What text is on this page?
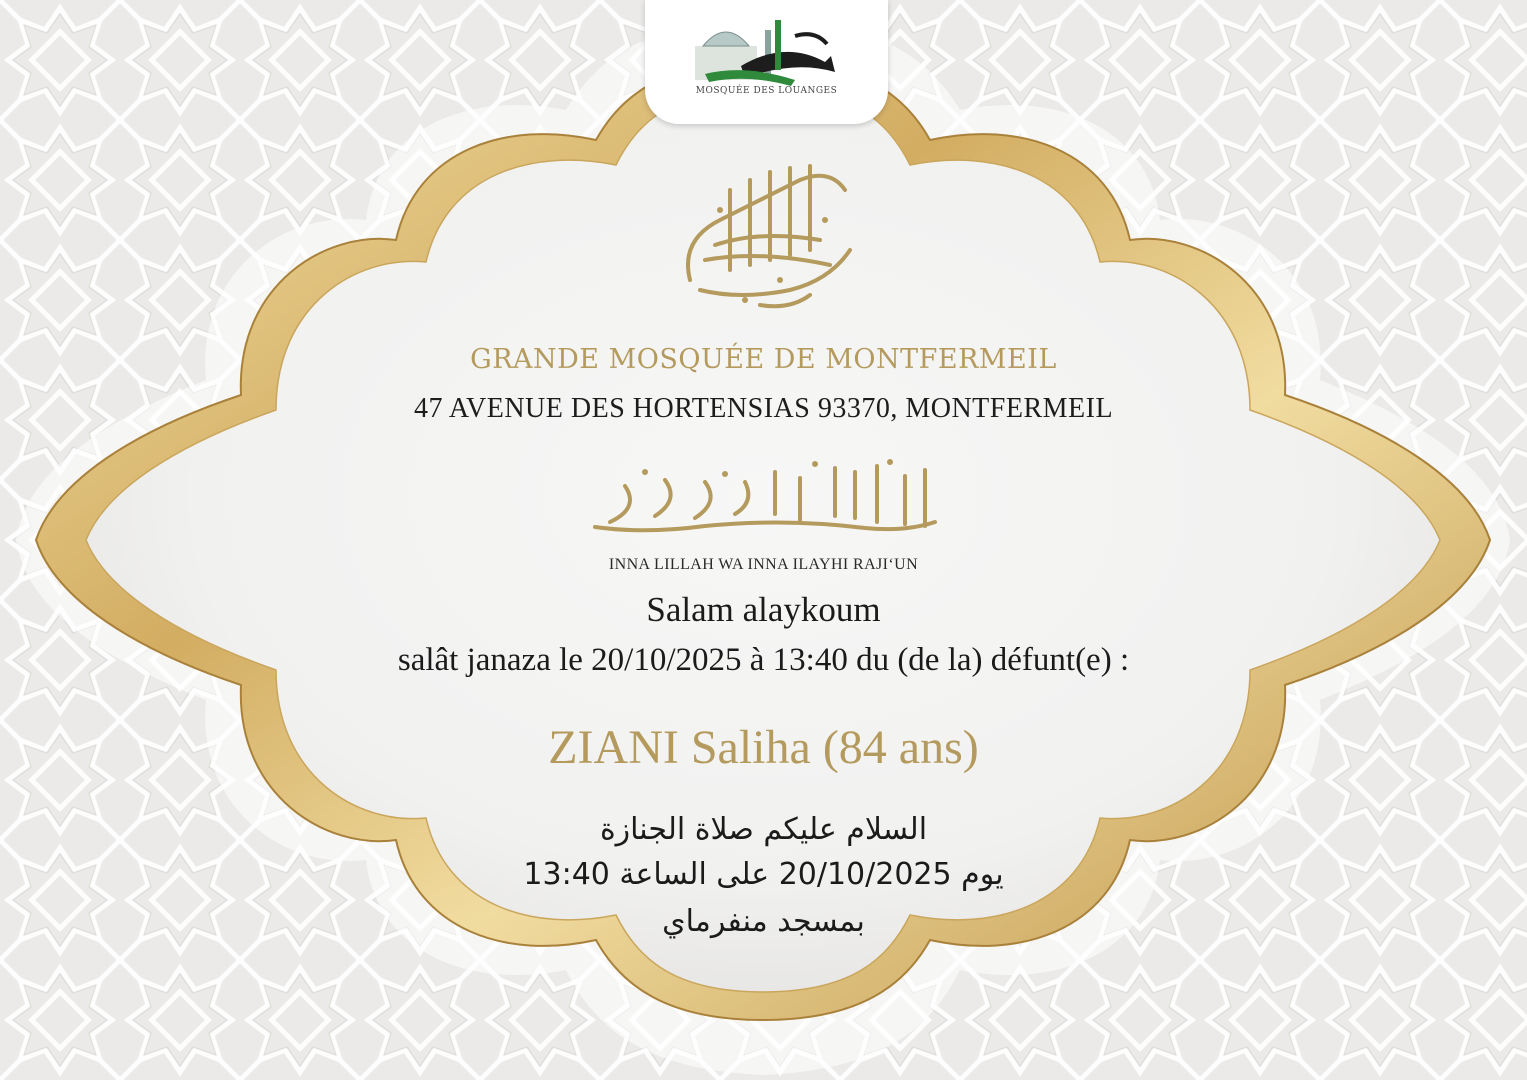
MOSQUÉE DES LOUANGES
GRANDE MOSQUÉE DE MONTFERMEIL
47 AVENUE DES HORTENSIAS 93370, MONTFERMEIL
INNA LILLAH WA INNA ILAYHI RAJI‘UN
Salam alaykoum
salât janaza le 20/10/2025 à 13:40 du (de la) défunt(e) :
ZIANI Saliha (84 ans)
السلام عليكم صلاة الجنازة
يوم 20/10/2025 على الساعة 13:40
بمسجد منفرماي
